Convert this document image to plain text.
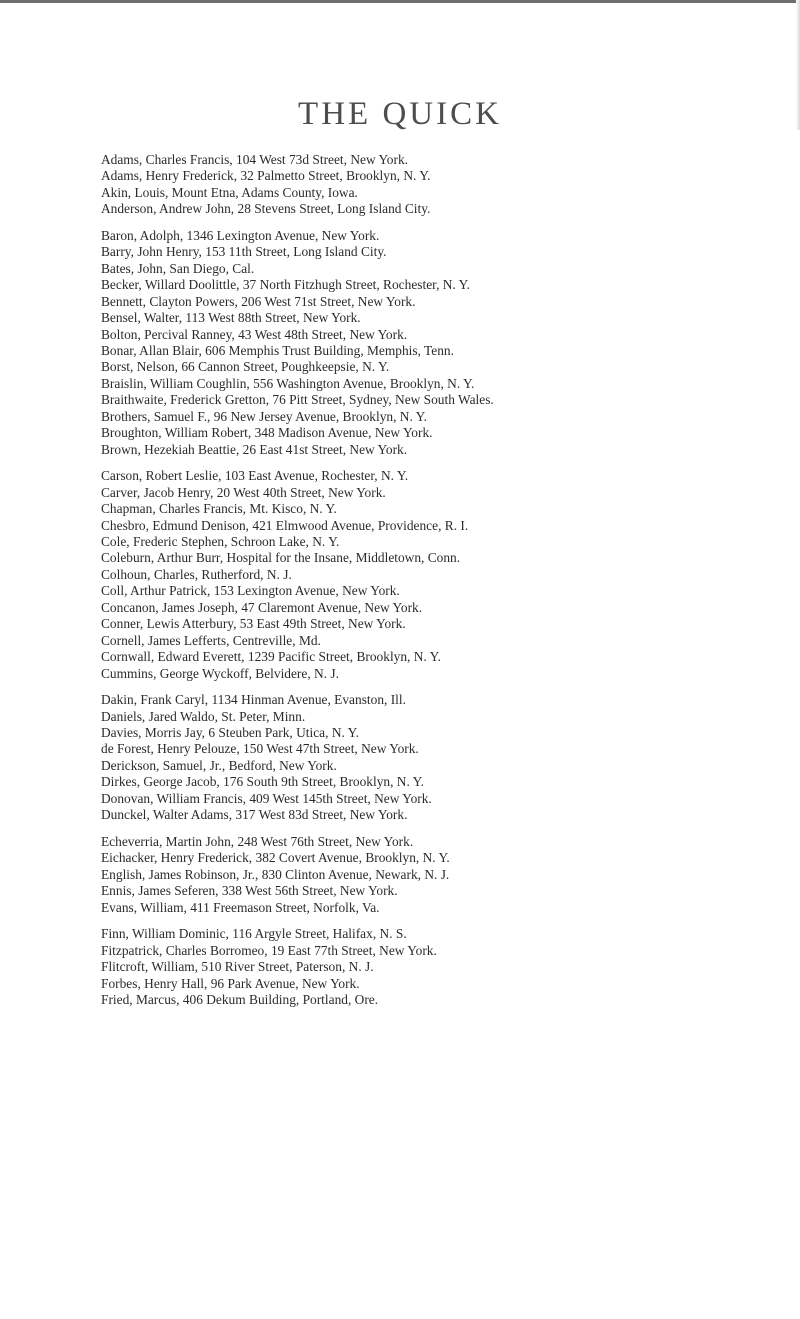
THE QUICK
Adams, Charles Francis, 104 West 73d Street, New York.
Adams, Henry Frederick, 32 Palmetto Street, Brooklyn, N. Y.
Akin, Louis, Mount Etna, Adams County, Iowa.
Anderson, Andrew John, 28 Stevens Street, Long Island City.
Baron, Adolph, 1346 Lexington Avenue, New York.
Barry, John Henry, 153 11th Street, Long Island City.
Bates, John, San Diego, Cal.
Becker, Willard Doolittle, 37 North Fitzhugh Street, Rochester, N. Y.
Bennett, Clayton Powers, 206 West 71st Street, New York.
Bensel, Walter, 113 West 88th Street, New York.
Bolton, Percival Ranney, 43 West 48th Street, New York.
Bonar, Allan Blair, 606 Memphis Trust Building, Memphis, Tenn.
Borst, Nelson, 66 Cannon Street, Poughkeepsie, N. Y.
Braislin, William Coughlin, 556 Washington Avenue, Brooklyn, N. Y.
Braithwaite, Frederick Gretton, 76 Pitt Street, Sydney, New South Wales.
Brothers, Samuel F., 96 New Jersey Avenue, Brooklyn, N. Y.
Broughton, William Robert, 348 Madison Avenue, New York.
Brown, Hezekiah Beattie, 26 East 41st Street, New York.
Carson, Robert Leslie, 103 East Avenue, Rochester, N. Y.
Carver, Jacob Henry, 20 West 40th Street, New York.
Chapman, Charles Francis, Mt. Kisco, N. Y.
Chesbro, Edmund Denison, 421 Elmwood Avenue, Providence, R. I.
Cole, Frederic Stephen, Schroon Lake, N. Y.
Coleburn, Arthur Burr, Hospital for the Insane, Middletown, Conn.
Colhoun, Charles, Rutherford, N. J.
Coll, Arthur Patrick, 153 Lexington Avenue, New York.
Concanon, James Joseph, 47 Claremont Avenue, New York.
Conner, Lewis Atterbury, 53 East 49th Street, New York.
Cornell, James Lefferts, Centreville, Md.
Cornwall, Edward Everett, 1239 Pacific Street, Brooklyn, N. Y.
Cummins, George Wyckoff, Belvidere, N. J.
Dakin, Frank Caryl, 1134 Hinman Avenue, Evanston, Ill.
Daniels, Jared Waldo, St. Peter, Minn.
Davies, Morris Jay, 6 Steuben Park, Utica, N. Y.
de Forest, Henry Pelouze, 150 West 47th Street, New York.
Derickson, Samuel, Jr., Bedford, New York.
Dirkes, George Jacob, 176 South 9th Street, Brooklyn, N. Y.
Donovan, William Francis, 409 West 145th Street, New York.
Dunckel, Walter Adams, 317 West 83d Street, New York.
Echeverria, Martin John, 248 West 76th Street, New York.
Eichacker, Henry Frederick, 382 Covert Avenue, Brooklyn, N. Y.
English, James Robinson, Jr., 830 Clinton Avenue, Newark, N. J.
Ennis, James Seferen, 338 West 56th Street, New York.
Evans, William, 411 Freemason Street, Norfolk, Va.
Finn, William Dominic, 116 Argyle Street, Halifax, N. S.
Fitzpatrick, Charles Borromeo, 19 East 77th Street, New York.
Flitcroft, William, 510 River Street, Paterson, N. J.
Forbes, Henry Hall, 96 Park Avenue, New York.
Fried, Marcus, 406 Dekum Building, Portland, Ore.
